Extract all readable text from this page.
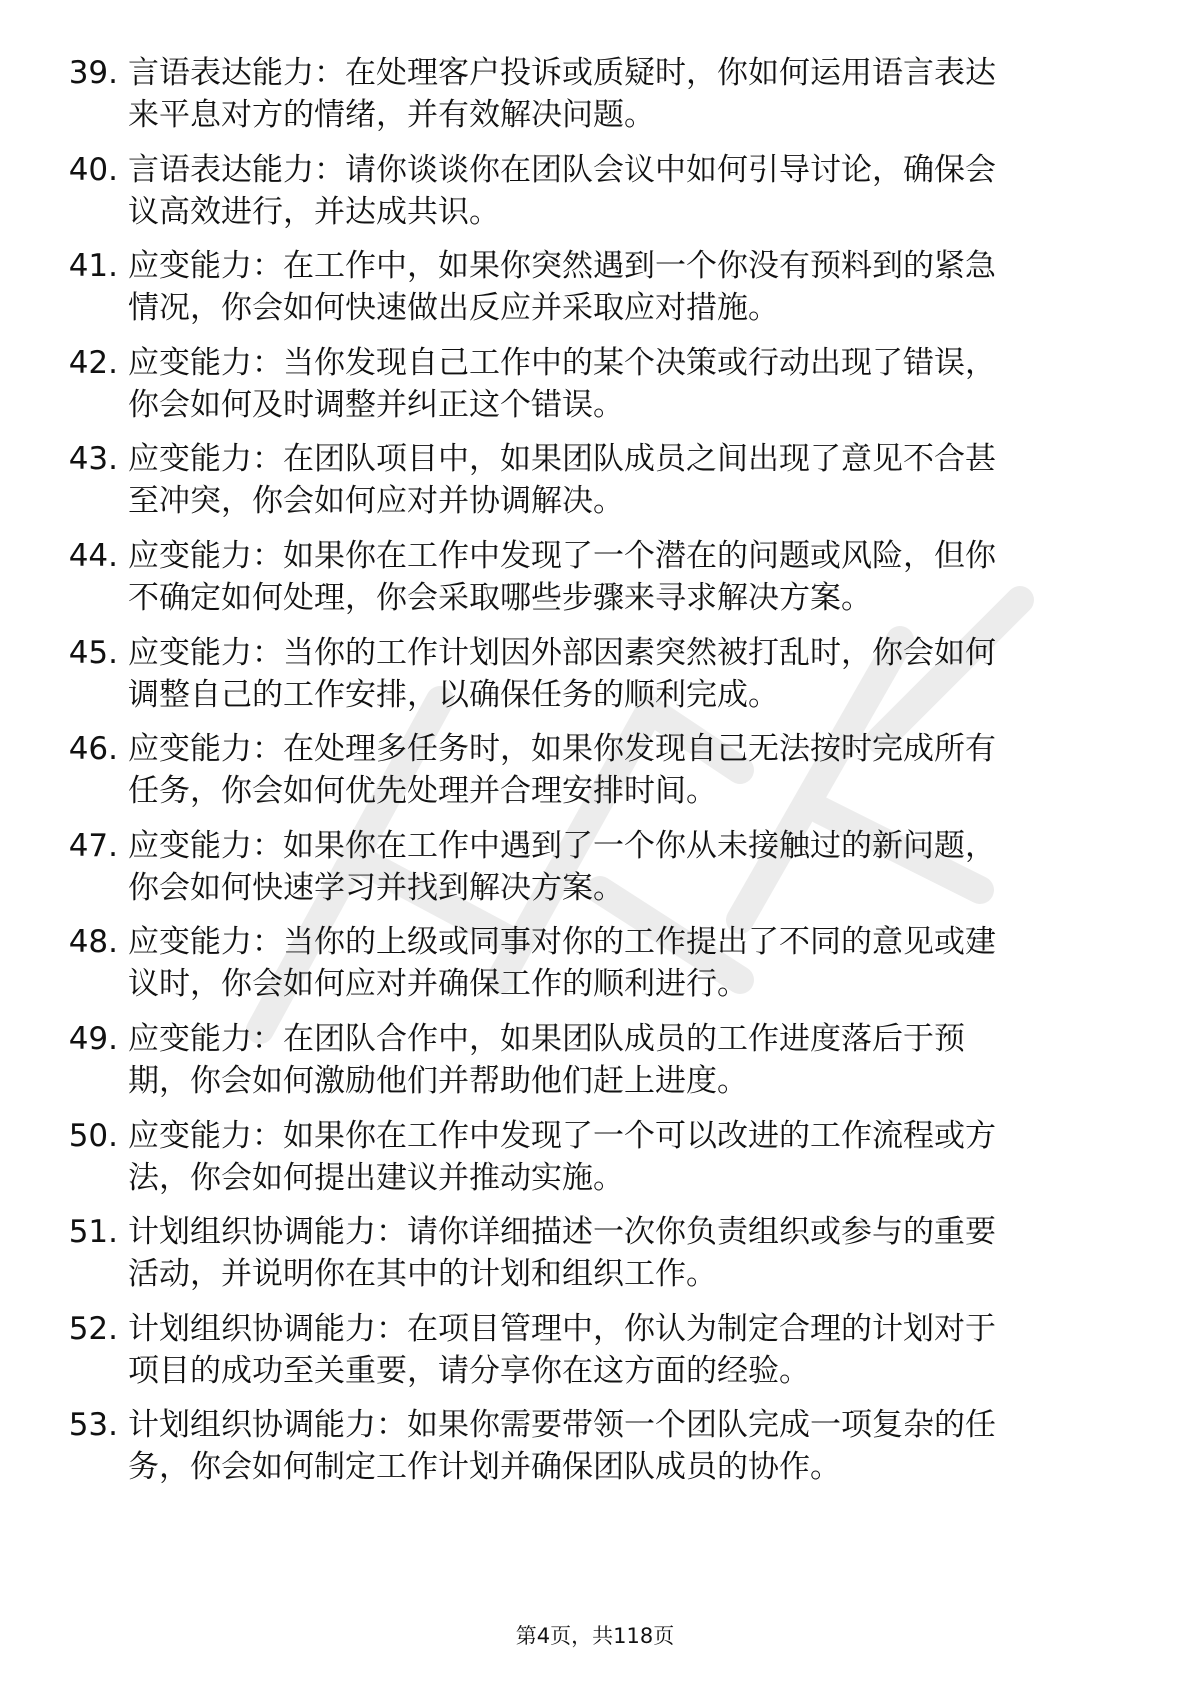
39. 言语表达能力：在处理客户投诉或质疑时，你如何运用语言表达
来平息对方的情绪，并有效解决问题。
40. 言语表达能力：请你谈谈你在团队会议中如何引导讨论，确保会
议高效进行，并达成共识。
41. 应变能力：在工作中，如果你突然遇到一个你没有预料到的紧急
情况，你会如何快速做出反应并采取应对措施。
42. 应变能力：当你发现自己工作中的某个决策或行动出现了错误，
你会如何及时调整并纠正这个错误。
43. 应变能力：在团队项目中，如果团队成员之间出现了意见不合甚
至冲突，你会如何应对并协调解决。
44. 应变能力：如果你在工作中发现了一个潜在的问题或风险，但你
不确定如何处理，你会采取哪些步骤来寻求解决方案。
45. 应变能力：当你的工作计划因外部因素突然被打乱时，你会如何
调整自己的工作安排，以确保任务的顺利完成。
46. 应变能力：在处理多任务时，如果你发现自己无法按时完成所有
任务，你会如何优先处理并合理安排时间。
47. 应变能力：如果你在工作中遇到了一个你从未接触过的新问题，
你会如何快速学习并找到解决方案。
48. 应变能力：当你的上级或同事对你的工作提出了不同的意见或建
议时，你会如何应对并确保工作的顺利进行。
49. 应变能力：在团队合作中，如果团队成员的工作进度落后于预
期，你会如何激励他们并帮助他们赶上进度。
50. 应变能力：如果你在工作中发现了一个可以改进的工作流程或方
法，你会如何提出建议并推动实施。
51. 计划组织协调能力：请你详细描述一次你负责组织或参与的重要
活动，并说明你在其中的计划和组织工作。
52. 计划组织协调能力：在项目管理中，你认为制定合理的计划对于
项目的成功至关重要，请分享你在这方面的经验。
53. 计划组织协调能力：如果你需要带领一个团队完成一项复杂的任
务，你会如何制定工作计划并确保团队成员的协作。
第4页，共118页
